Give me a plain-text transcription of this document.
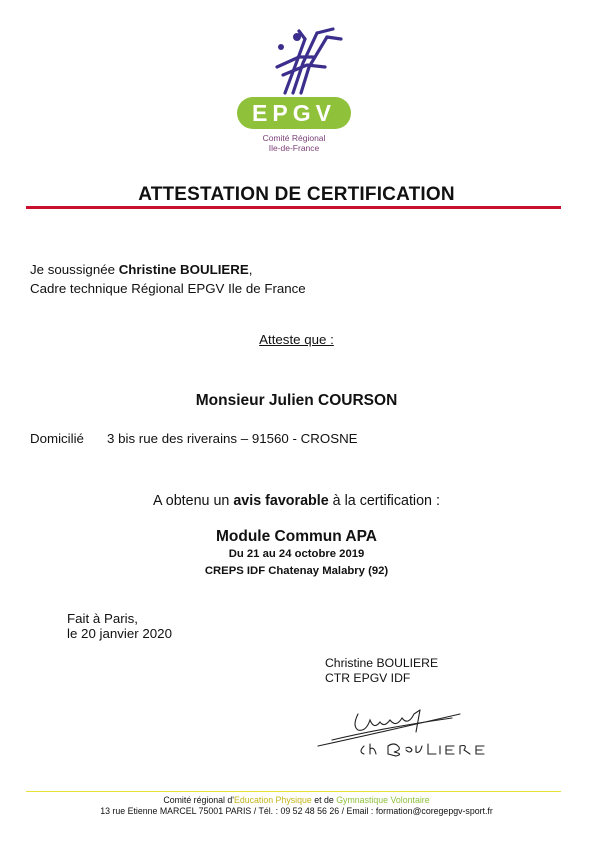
EPGV
Comité Régional
Ile-de-France
ATTESTATION DE CERTIFICATION
Je soussignée Christine BOULIERE,
Cadre technique Régional EPGV Ile de France
Atteste que :
Monsieur Julien COURSON
Domicilié 3 bis rue des riverains – 91560 - CROSNE
A obtenu un avis favorable à la certification :
Module Commun APA
Du 21 au 24 octobre 2019
CREPS IDF Chatenay Malabry (92)
Fait à Paris,
le 20 janvier 2020
Christine BOULIERE
CTR EPGV IDF
Comité régional d'Education Physique et de Gymnastique Volontaire
13 rue Etienne MARCEL 75001 PARIS / Tél. : 09 52 48 56 26 / Email : formation@coregepgv-sport.fr
